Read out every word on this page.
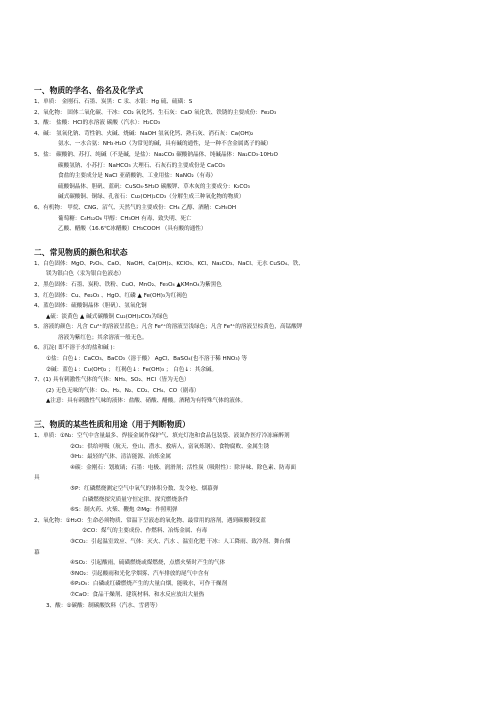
一、物质的学名、俗名及化学式
1、单质： 金刚石、石墨、炭黑：C 汞、水银：Hg 硫、硫磺：S
2、氧化物： 固体二氧化碳、干冰：CO₂ 氧化钙、生石灰：CaO 氧化铁、铁锈的主要成份：Fe₂O₃
3、酸： 盐酸：HCl的水溶液 碳酸（汽水）：H₂CO₃
4、碱： 氢氧化钠、苛性钠、火碱、烧碱：NaOH 氢氧化钙、熟石灰、消石灰：Ca(OH)₂
氨水、一水合氨：NH₃·H₂O（为常见的碱，具有碱的通性，是一种不含金属离子的碱）
5、盐： 碳酸钠、苏打、纯碱（不是碱，是盐）：Na₂CO₃ 碳酸钠晶体、纯碱晶体：Na₂CO₃·10H₂O
碳酸氢钠、小苏打：NaHCO₃ 大理石、石灰石的主要成份是 CaCO₃
食盐的主要成分是 NaCl 亚硝酸钠、工业用盐：NaNO₂（有毒）
硫酸铜晶体、胆矾、蓝矾：CuSO₄·5H₂O 碳酸钾、草木灰的主要成分：K₂CO₃
碱式碳酸铜、铜绿、孔雀石：Cu₂(OH)₂CO₃（分解生成三种氧化物的物质）
6、有机物： 甲烷、CNG、沼气、天然气的主要成份：CH₄ 乙醇、酒精：C₂H₅OH
葡萄糖：C₆H₁₂O₆ 甲醇：CH₃OH 有毒、致失明、死亡
乙酸、醋酸（16.6℃冰醋酸）CH₃COOH （具有酸的通性）
二、常见物质的颜色和状态
1、白色固体：MgO、P₂O₅、CaO、 NaOH、Ca(OH)₂、KClO₃、KCl、Na₂CO₃、NaCl、无水 CuSO₄、铁、
镁为银白色（汞为银白色液态）
2、黑色固体：石墨、炭粉、铁粉、CuO、MnO₂、Fe₃O₄ ▲KMnO₄为紫黑色
3、红色固体：Cu、Fe₂O₃ 、HgO、红磷 ▲ Fe(OH)₃为红褐色
4、蓝色固体：硫酸铜晶体（胆矾）、氢氧化铜
▲硫：淡黄色 ▲ 碱式碳酸铜 Cu₂(OH)₂CO₃为绿色
5、溶液的颜色：凡含 Cu²⁺的溶液呈蓝色；凡含 Fe²⁺的溶液呈浅绿色；凡含 Fe³⁺的溶液呈棕黄色，高锰酸钾
溶液为紫红色；其余溶液一般无色。
6、沉淀( 即不溶于水的盐和碱 )：
①盐：白色↓：CaCO₃、BaCO₃（溶于酸） AgCl、BaSO₄(也不溶于稀 HNO₃) 等
②碱：蓝色↓：Cu(OH)₂ ； 红褐色↓：Fe(OH)₃ ； 白色↓：其余碱。
7、(1) 具有刺激性气体的气体：NH₃、SO₂、HCl（皆为无色）
(2) 无色无味的气体：O₂、H₂、N₂、CO₂、CH₄、CO（剧毒）
▲注意：具有刺激性气味的液体：盐酸、硝酸、醋酸。酒精为有特殊气体的液体。
三、物质的某些性质和用途（用于判断物质）
1、单质：①N₂：空气中含量最多、焊接金属作保护气、填充灯泡和食品包装袋、液氮作医疗冷冻麻醉剂
②O₂：供给呼吸（航天、登山、潜水、救病人，富氧炼钢）、食物腐败、金属生锈
③H₂：最轻的气体、清洁能源、冶炼金属
④碳：金刚石：划玻璃；石墨：电极、润滑剂；活性炭（吸附性）：除异味、除色素、防毒面
具
⑤P：红磷燃烧测定空气中氧气的体积分数、发令枪、烟幕弹
白磷燃烧探究质量守恒定律、探究燃烧条件
⑥S：制火药、火柴、鞭炮 ⑦Mg：作照明弹
2、氧化物：①H₂O：生命必须物质、常温下呈液态的氧化物、最常用的溶剂，遇到碳酸钢变蓝
②CO：煤气的主要成份、作燃料、冶炼金属、有毒
③CO₂：引起温室效应、气体：灭火、汽水 、温室化肥 干冰：人工降雨、致冷剂、舞台烟
幕
④SO₂：引起酸雨，硫磺燃烧或煤燃烧，点燃火柴时产生的气体
⑤NO₂：引起酸雨和光化学烟雾、汽车排放的尾气中含有
⑥P₂O₅：白磷或红磷燃烧产生的大量白烟，能吸水，可作干燥剂
⑦CaO：食品干燥剂、建筑材料、和水反应放出大量热
3、酸：①碳酸：制碳酸饮料（汽水、雪碧等）
